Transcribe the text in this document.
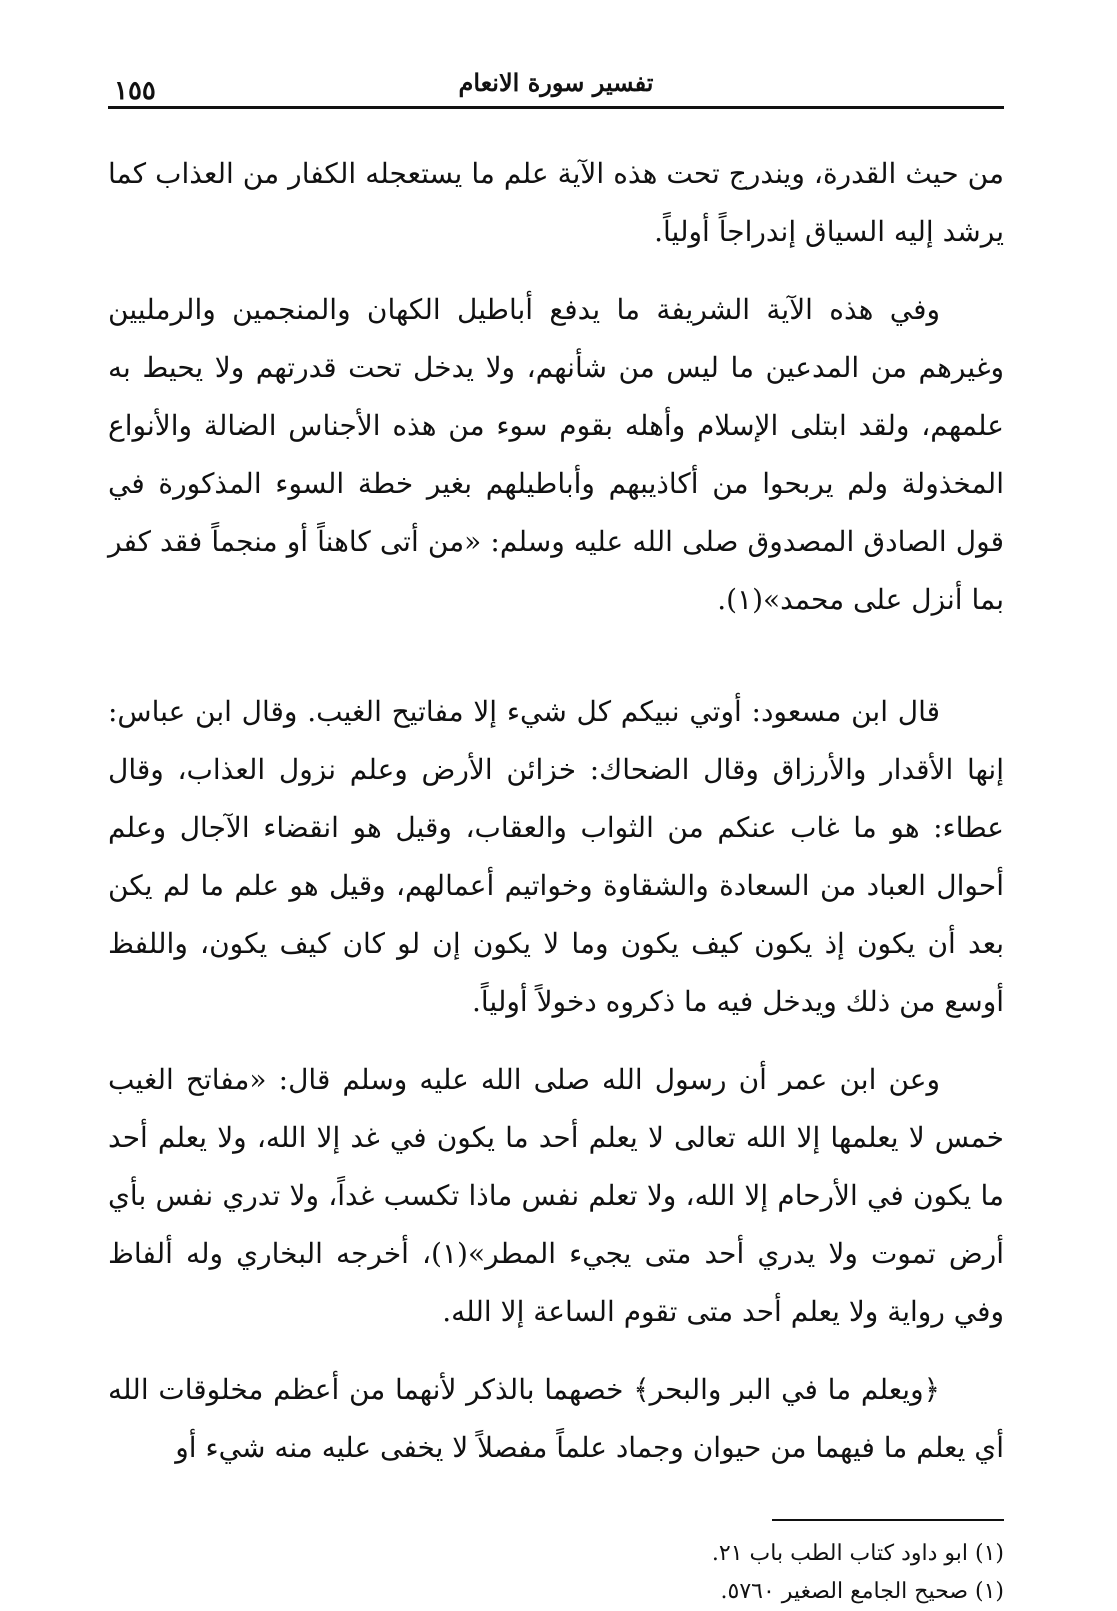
تفسير سورة الانعام
١٥٥

من حيث القدرة، ويندرج تحت هذه الآية علم ما يستعجله الكفار من العذاب كما يرشد إليه السياق إندراجاً أولياً.

وفي هذه الآية الشريفة ما يدفع أباطيل الكهان والمنجمين والرمليين وغيرهم من المدعين ما ليس من شأنهم، ولا يدخل تحت قدرتهم ولا يحيط به علمهم، ولقد ابتلى الإسلام وأهله بقوم سوء من هذه الأجناس الضالة والأنواع المخذولة ولم يربحوا من أكاذيبهم وأباطيلهم بغير خطة السوء المذكورة في قول الصادق المصدوق صلى الله عليه وسلم: «من أتى كاهناً أو منجماً فقد كفر بما أنزل على محمد»(١).

قال ابن مسعود: أوتي نبيكم كل شيء إلا مفاتيح الغيب. وقال ابن عباس: إنها الأقدار والأرزاق وقال الضحاك: خزائن الأرض وعلم نزول العذاب، وقال عطاء: هو ما غاب عنكم من الثواب والعقاب، وقيل هو انقضاء الآجال وعلم أحوال العباد من السعادة والشقاوة وخواتيم أعمالهم، وقيل هو علم ما لم يكن بعد أن يكون إذ يكون كيف يكون وما لا يكون إن لو كان كيف يكون، واللفظ أوسع من ذلك ويدخل فيه ما ذكروه دخولاً أولياً.

وعن ابن عمر أن رسول الله صلى الله عليه وسلم قال: «مفاتح الغيب خمس لا يعلمها إلا الله تعالى لا يعلم أحد ما يكون في غد إلا الله، ولا يعلم أحد ما يكون في الأرحام إلا الله، ولا تعلم نفس ماذا تكسب غداً، ولا تدري نفس بأي أرض تموت ولا يدري أحد متى يجيء المطر»(١)، أخرجه البخاري وله ألفاظ وفي رواية ولا يعلم أحد متى تقوم الساعة إلا الله.

﴿ويعلم ما في البر والبحر﴾ خصهما بالذكر لأنهما من أعظم مخلوقات الله أي يعلم ما فيهما من حيوان وجماد علماً مفصلاً لا يخفى عليه منه شيء أو

(١) ابو داود كتاب الطب باب ٢١.
(١) صحيح الجامع الصغير ٥٧٦٠.
